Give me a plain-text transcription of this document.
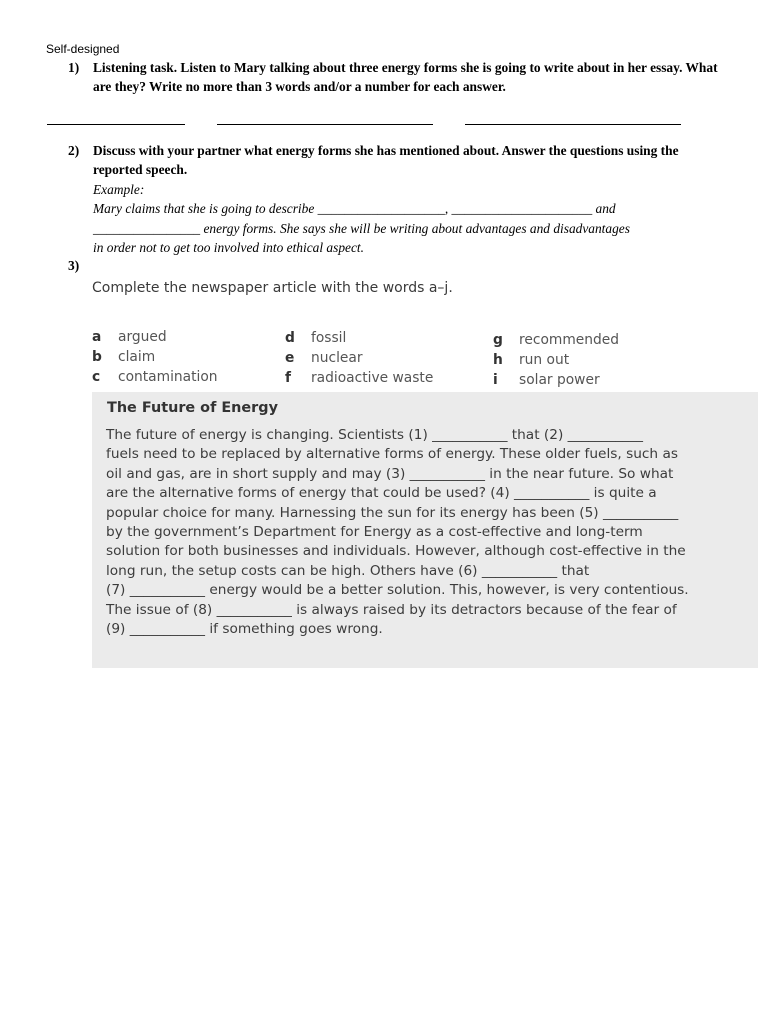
Self-designed
1) Listening task. Listen to Mary talking about three energy forms she is going to write about in her essay. What are they? Write no more than 3 words and/or a number for each answer.
2) Discuss with your partner what energy forms she has mentioned about. Answer the questions using the reported speech.
Example:
Mary claims that she is going to describe ___________________, _____________________ and
________________ energy forms. She says she will be writing about advantages and disadvantages
in order not to get too involved into ethical aspect.
3)
Complete the newspaper article with the words a–j.
a argued
b claim
c contamination
d fossil
e nuclear
f radioactive waste
g recommended
h run out
i solar power
The Future of Energy
The future of energy is changing. Scientists (1) ___________ that (2) ___________
fuels need to be replaced by alternative forms of energy. These older fuels, such as
oil and gas, are in short supply and may (3) ___________ in the near future. So what
are the alternative forms of energy that could be used? (4) ___________ is quite a
popular choice for many. Harnessing the sun for its energy has been (5) ___________
by the government’s Department for Energy as a cost-effective and long-term
solution for both businesses and individuals. However, although cost-effective in the
long run, the setup costs can be high. Others have (6) ___________ that
(7) ___________ energy would be a better solution. This, however, is very contentious.
The issue of (8) ___________ is always raised by its detractors because of the fear of
(9) ___________ if something goes wrong.
